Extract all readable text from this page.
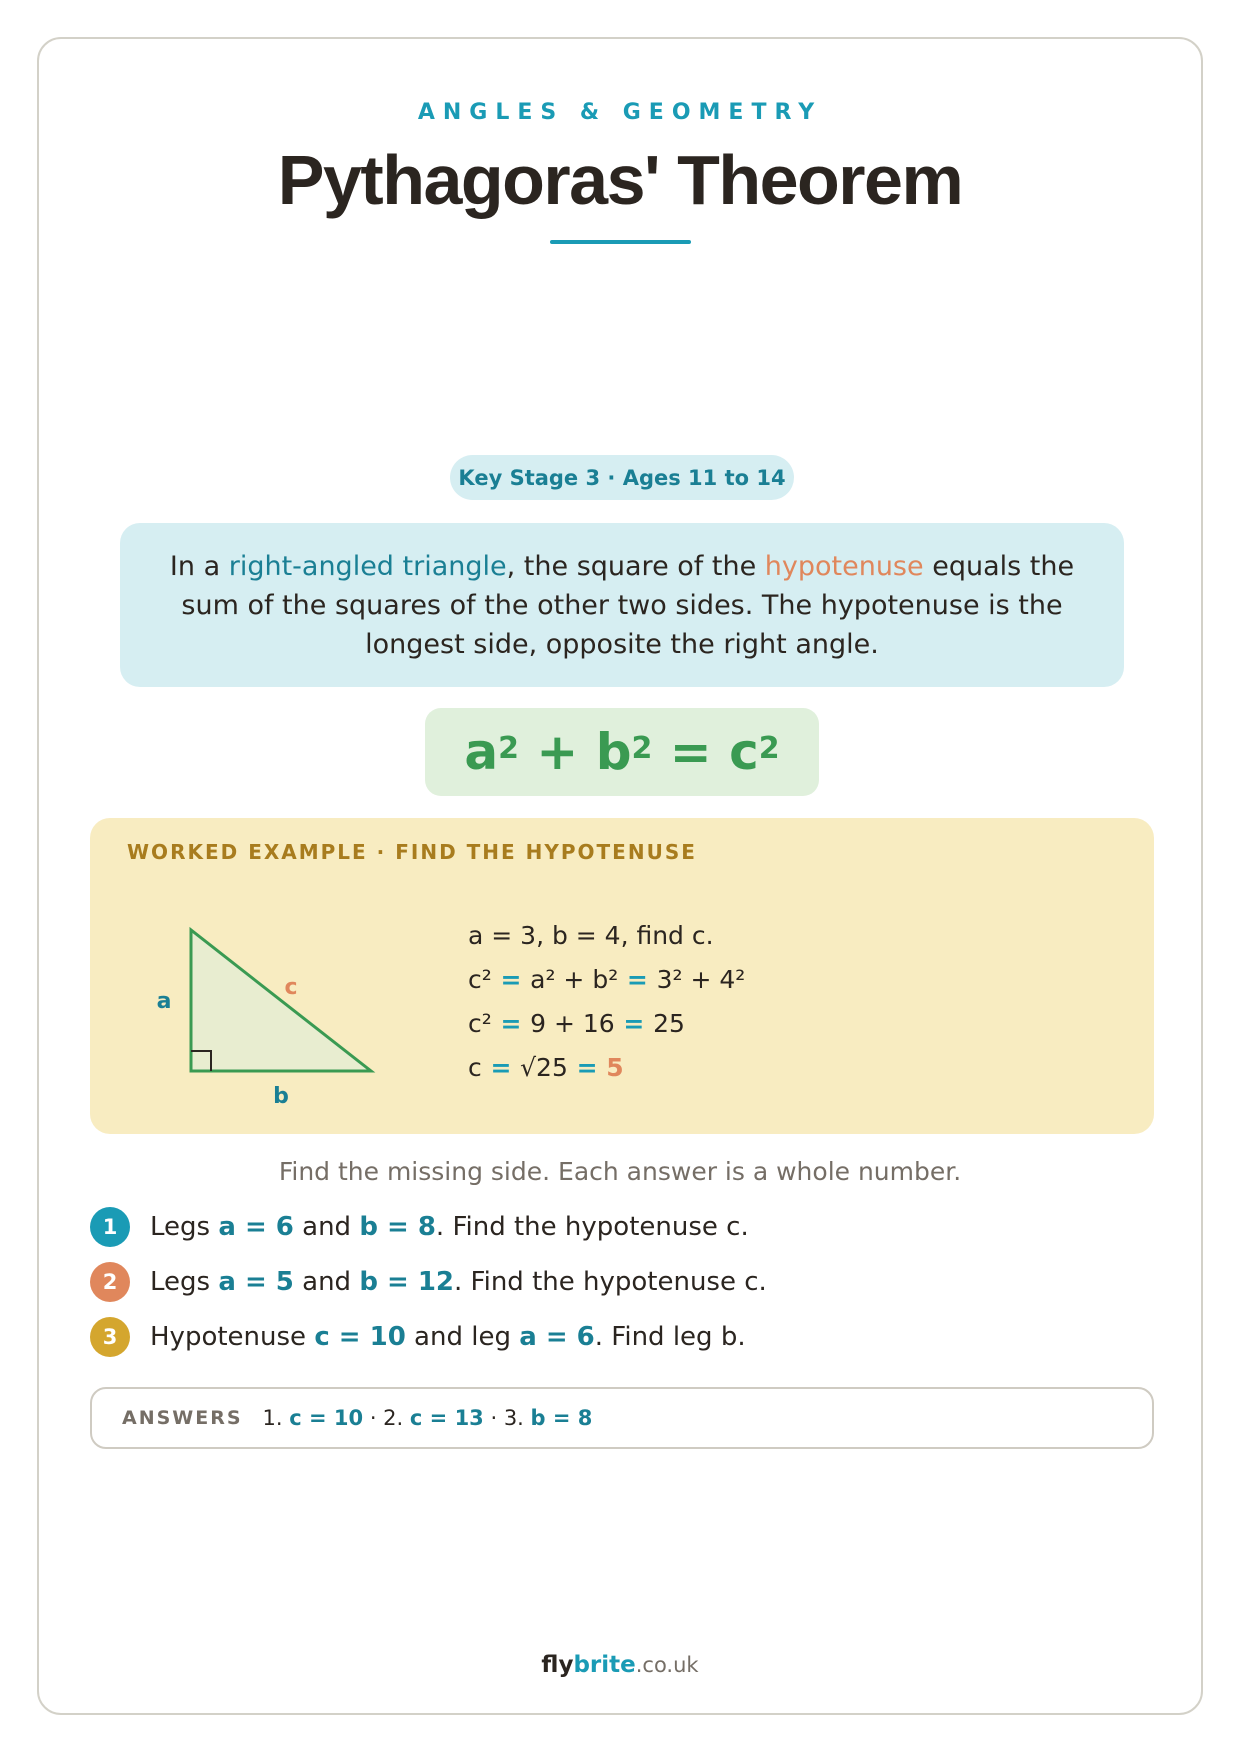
ANGLES & GEOMETRY
Pythagoras' Theorem
Key Stage 3 · Ages 11 to 14
In a right-angled triangle, the square of the hypotenuse equals the sum of the squares of the other two sides. The hypotenuse is the longest side, opposite the right angle.
$a^2 + b^2 = c^2$
WORKED EXAMPLE · FIND THE HYPOTENUSE
a
c
b
a = 3, b = 4, find c.
c² = a² + b² = 3² + 4²
c² = 9 + 16 = 25
c = √25 = 5
Find the missing side. Each answer is a whole number.
1	Legs a = 6 and b = 8 . Find the hypotenuse c.
2	Legs a = 5 and b = 12 . Find the hypotenuse c.
3	Hypotenuse c = 10 and leg a = 6 . Find leg b.
ANSWERS 1. c = 10 · 2. c = 13 · 3. b = 8
flybrite.co.uk
